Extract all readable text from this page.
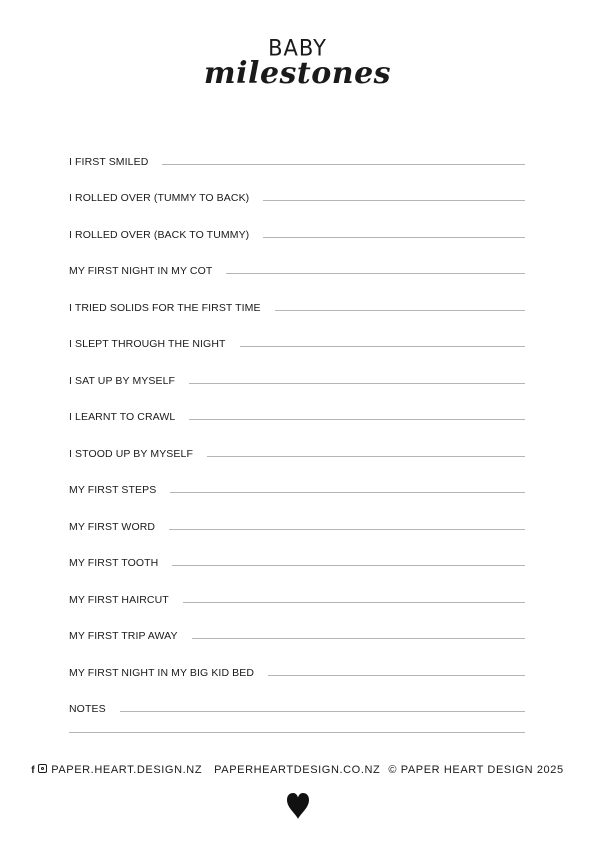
BABY
milestones
I FIRST SMILED
I ROLLED OVER (TUMMY TO BACK)
I ROLLED OVER (BACK TO TUMMY)
MY FIRST NIGHT IN MY COT
I TRIED SOLIDS FOR THE FIRST TIME
I SLEPT THROUGH THE NIGHT
I SAT UP BY MYSELF
I LEARNT TO CRAWL
I STOOD UP BY MYSELF
MY FIRST STEPS
MY FIRST WORD
MY FIRST TOOTH
MY FIRST HAIRCUT
MY FIRST TRIP AWAY
MY FIRST NIGHT IN MY BIG KID BED
NOTES
f PAPER.HEART.DESIGN.NZ PAPERHEARTDESIGN.CO.NZ © PAPER HEART DESIGN 2025
